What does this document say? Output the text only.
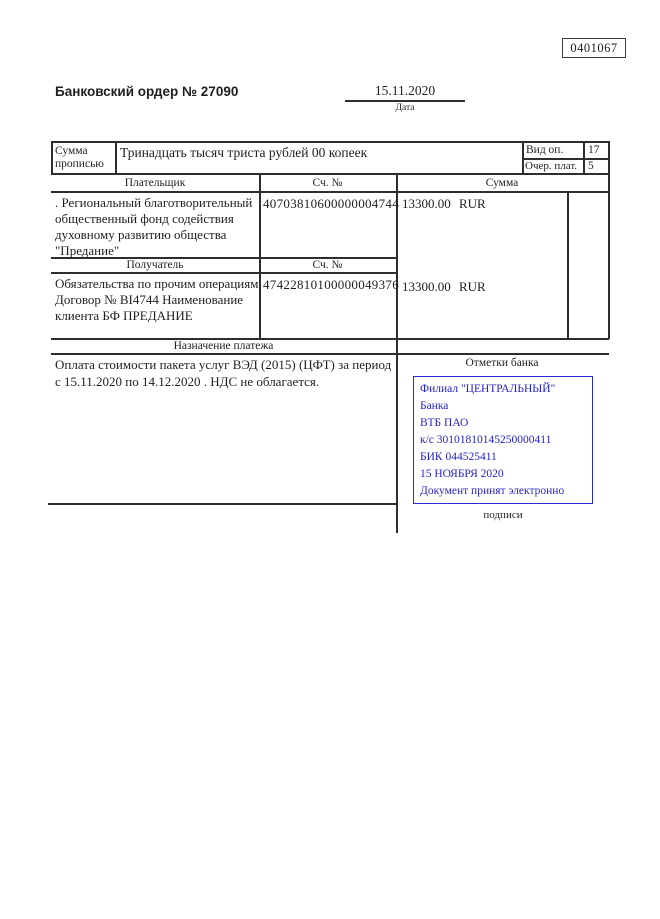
0401067
Банковский ордер № 27090	15.11.2020
Дата
Сумма прописью
Тринадцать тысяч триста рублей 00 копеек	Вид оп. 17
Очер. плат. 5
Плательщик	Сч. №	Сумма
. Региональный благотворительный общественный фонд содействия духовному развитию общества "Предание"
40703810600000004744 13300.00 RUR
Получатель	Сч. №
Обязательства по прочим операциям Договор № BI4744 Наименование клиента БФ ПРЕДАНИЕ
47422810100000049376 13300.00 RUR
Назначение платежа
Оплата стоимости пакета услуг ВЭД (2015) (ЦФТ) за период с 15.11.2020 по 14.12.2020 . НДС не облагается.
Отметки банка
Филиал "ЦЕНТРАЛЬНЫЙ" Банка
ВТБ ПАО
к/с 30101810145250000411
БИК 044525411
15 НОЯБРЯ 2020
Документ принят электронно
подписи
